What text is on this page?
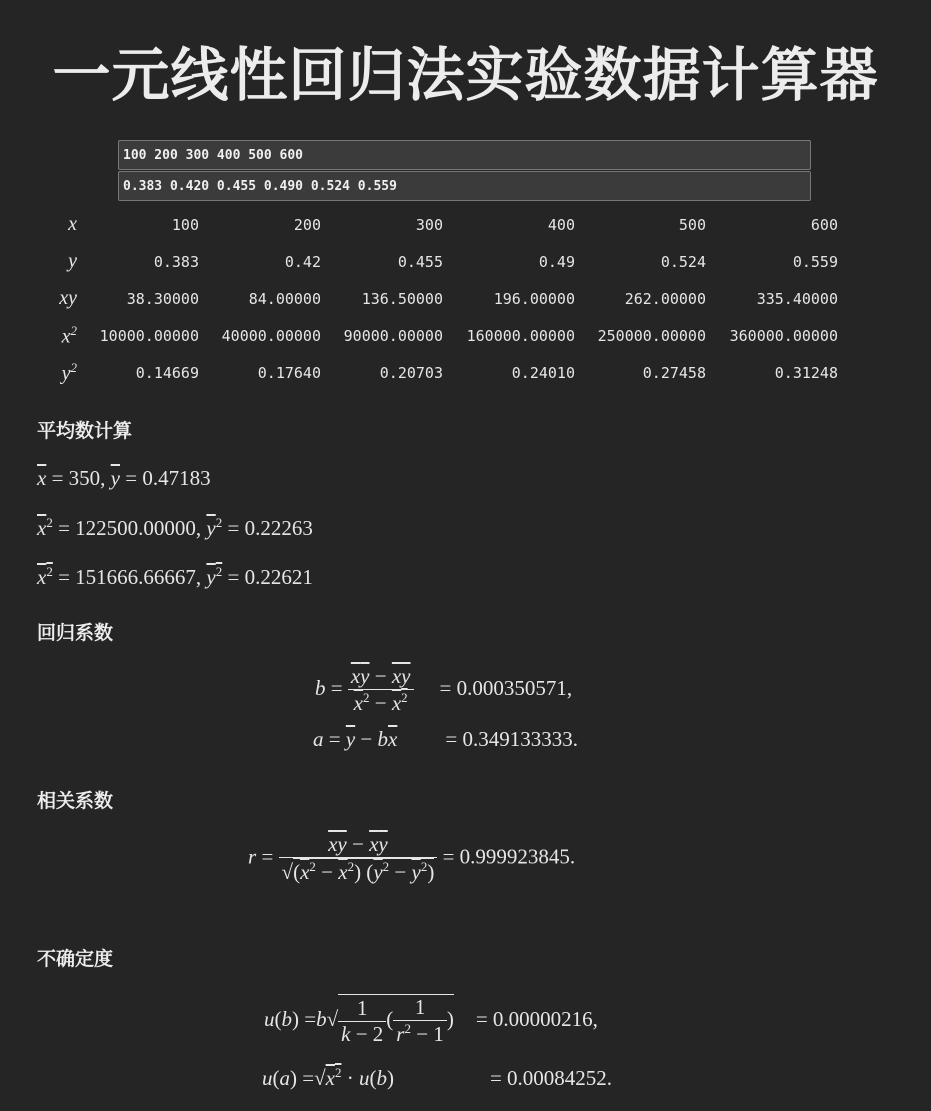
一元线性回归法实验数据计算器
100 200 300 400 500 600
0.383 0.420 0.455 0.490 0.524 0.559
x	100	200	300	400	500	600
y	0.383	0.42	0.455	0.49	0.524	0.559
xy	38.30000	84.00000	136.50000	196.00000	262.00000	335.40000
$x^2$	10000.00000	40000.00000	90000.00000	160000.00000	250000.00000	360000.00000
$y^2$	0.14669	0.17640	0.20703	0.24010	0.27458	0.31248
平均数计算
$\overline{x} = 350$, $\overline{y} = 0.47183$
$\overline{x}^2 = 122500.00000$, $\overline{y}^2 = 0.22263$
$x^2 = 151666.66667$, $y^2 = 0.22621$
回归系数
$b = \frac{\overline{x}\overline{y} - \overline{xy}}{\overline{x}^2 - x^2} = 0.000350571$,
$a = \overline{y} - b\overline{x} = 0.349133333$.
相关系数
$r = \frac{\overline{xy} - \overline{x}\overline{y}}{√(x^2 - \overline{x}^2) (y^2 - \overline{y}^2)} = 0.999923845$.
不确定度
$u(b) =b√ \frac{1}{k - 2}$ ( $\frac{1}{r^2 - 1}$ ) = 0.00000216,
$u(a) =√x^2 \cdot u(b)$	= 0.00084252.
